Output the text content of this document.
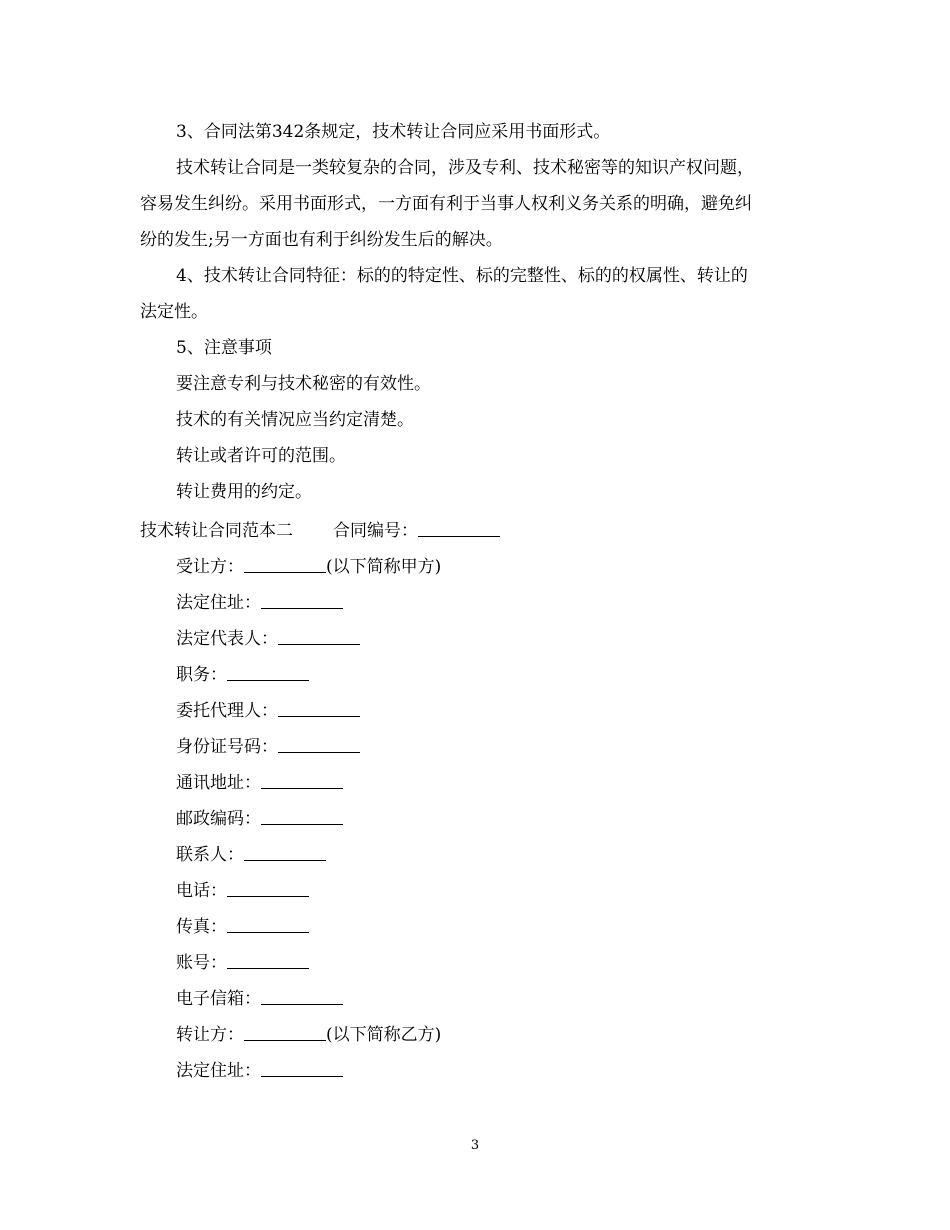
3、合同法第342条规定，技术转让合同应采用书面形式。
技术转让合同是一类较复杂的合同，涉及专利、技术秘密等的知识产权问题，
容易发生纠纷。采用书面形式，一方面有利于当事人权利义务关系的明确，避免纠
纷的发生;另一方面也有利于纠纷发生后的解决。
4、技术转让合同特征：标的的特定性、标的完整性、标的的权属性、转让的
法定性。
5、注意事项
要注意专利与技术秘密的有效性。
技术的有关情况应当约定清楚。
转让或者许可的范围。
转让费用的约定。
技术转让合同范本二 合同编号：
受让方：	(以下简称甲方)
法定住址：
法定代表人：
职务：
委托代理人：
身份证号码：
通讯地址：
邮政编码：
联系人：
电话：
传真：
账号：
电子信箱：
转让方：	(以下简称乙方)
法定住址：
3
